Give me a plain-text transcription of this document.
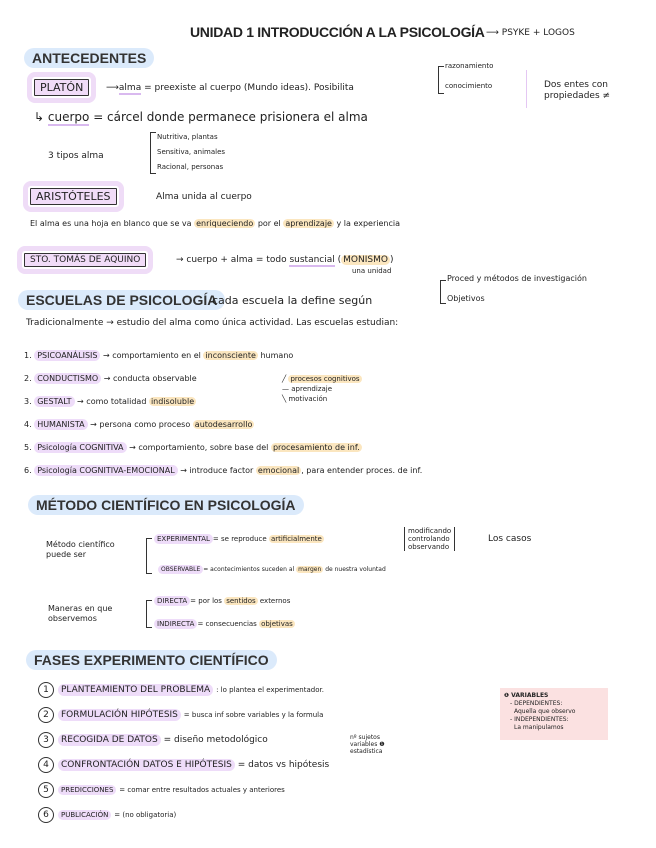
UNIDAD 1 INTRODUCCIÓN A LA PSICOLOGÍA ⟶ PSYKE + LOGOS
ANTECEDENTES
PLATÓN	⟶alma = preexiste al cuerpo (Mundo ideas). Posibilita
razonamiento
conocimiento	Dos entes con
propiedades ≠
↳ cuerpo = cárcel donde permanece prisionera el alma
3 tipos alma
Nutritiva, plantas
Sensitiva, animales
Racional, personas
ARISTÓTELES	Alma unida al cuerpo
El alma es una hoja en blanco que se va enriqueciendo por el aprendizaje y la experiencia
STO. TOMÁS DE AQUINO	→ cuerpo + alma = todo sustancial ( MONISMO )
una unidad
ESCUELAS DE PSICOLOGÍA
cada escuela la define según
Proced y métodos de investigación
Objetivos
Tradicionalmente → estudio del alma como única actividad. Las escuelas estudian:
1. PSICOANÁLISIS → comportamiento en el inconsciente humano
2. CONDUCTISMO → conducta observable
3. GESTALT → como totalidad indisoluble
4. HUMANISTA → persona como proceso autodesarrollo
5. Psicología COGNITIVA → comportamiento, sobre base del procesamiento de inf.
6. Psicología COGNITIVA-EMOCIONAL → introduce factor emocional , para entender proces. de inf.
╱ procesos cognitivos
— aprendizaje
╲ motivación
MÉTODO CIENTÍFICO EN PSICOLOGÍA
Método científico
puede ser
EXPERIMENTAL = se reproduce artificialmente
modificando
controlando
observando
Los casos
OBSERVABLE = acontecimientos suceden al margen de nuestra voluntad
Maneras en que
observemos
DIRECTA = por los sentidos externos
INDIRECTA = consecuencias objetivas
FASES EXPERIMENTO CIENTÍFICO
1 PLANTEAMIENTO DEL PROBLEMA : lo plantea el experimentador.
2 FORMULACIÓN HIPÓTESIS = busca inf sobre variables y la formula
3 RECOGIDA DE DATOS = diseño metodológico
4 CONFRONTACIÓN DATOS E HIPÓTESIS = datos vs hipótesis
5 PREDICCIONES = comar entre resultados actuales y anteriores
6 PUBLICACIÓN = (no obligatoria)
nº sujetos
variables ❶
estadística
❶ VARIABLES
- DEPENDIENTES:
Aquella que observo
- INDEPENDIENTES:
La manipulamos
